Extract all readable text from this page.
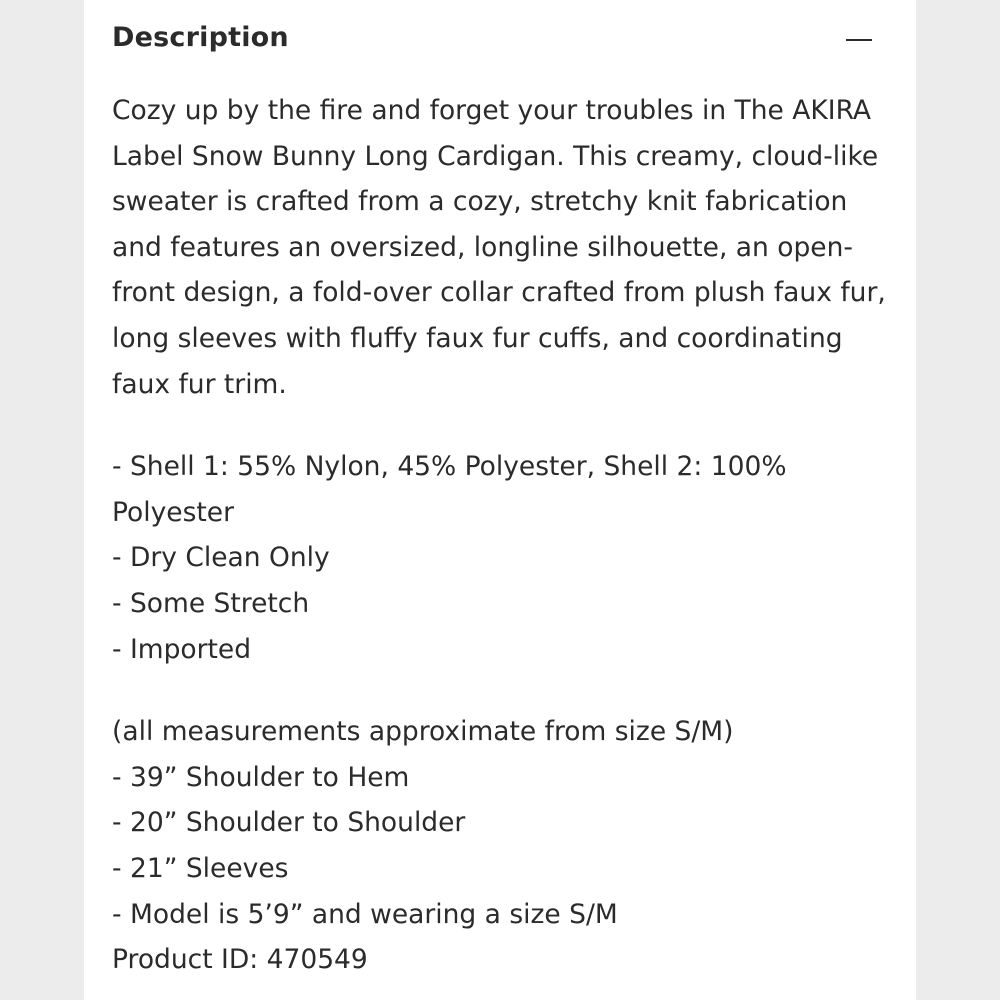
Description

Cozy up by the fire and forget your troubles in The AKIRA
Label Snow Bunny Long Cardigan. This creamy, cloud-like
sweater is crafted from a cozy, stretchy knit fabrication
and features an oversized, longline silhouette, an open-
front design, a fold-over collar crafted from plush faux fur,
long sleeves with fluffy faux fur cuffs, and coordinating
faux fur trim.

- Shell 1: 55% Nylon, 45% Polyester, Shell 2: 100%
Polyester
- Dry Clean Only
- Some Stretch
- Imported

(all measurements approximate from size S/M)
- 39” Shoulder to Hem
- 20” Shoulder to Shoulder
- 21” Sleeves
- Model is 5’9” and wearing a size S/M
Product ID: 470549
